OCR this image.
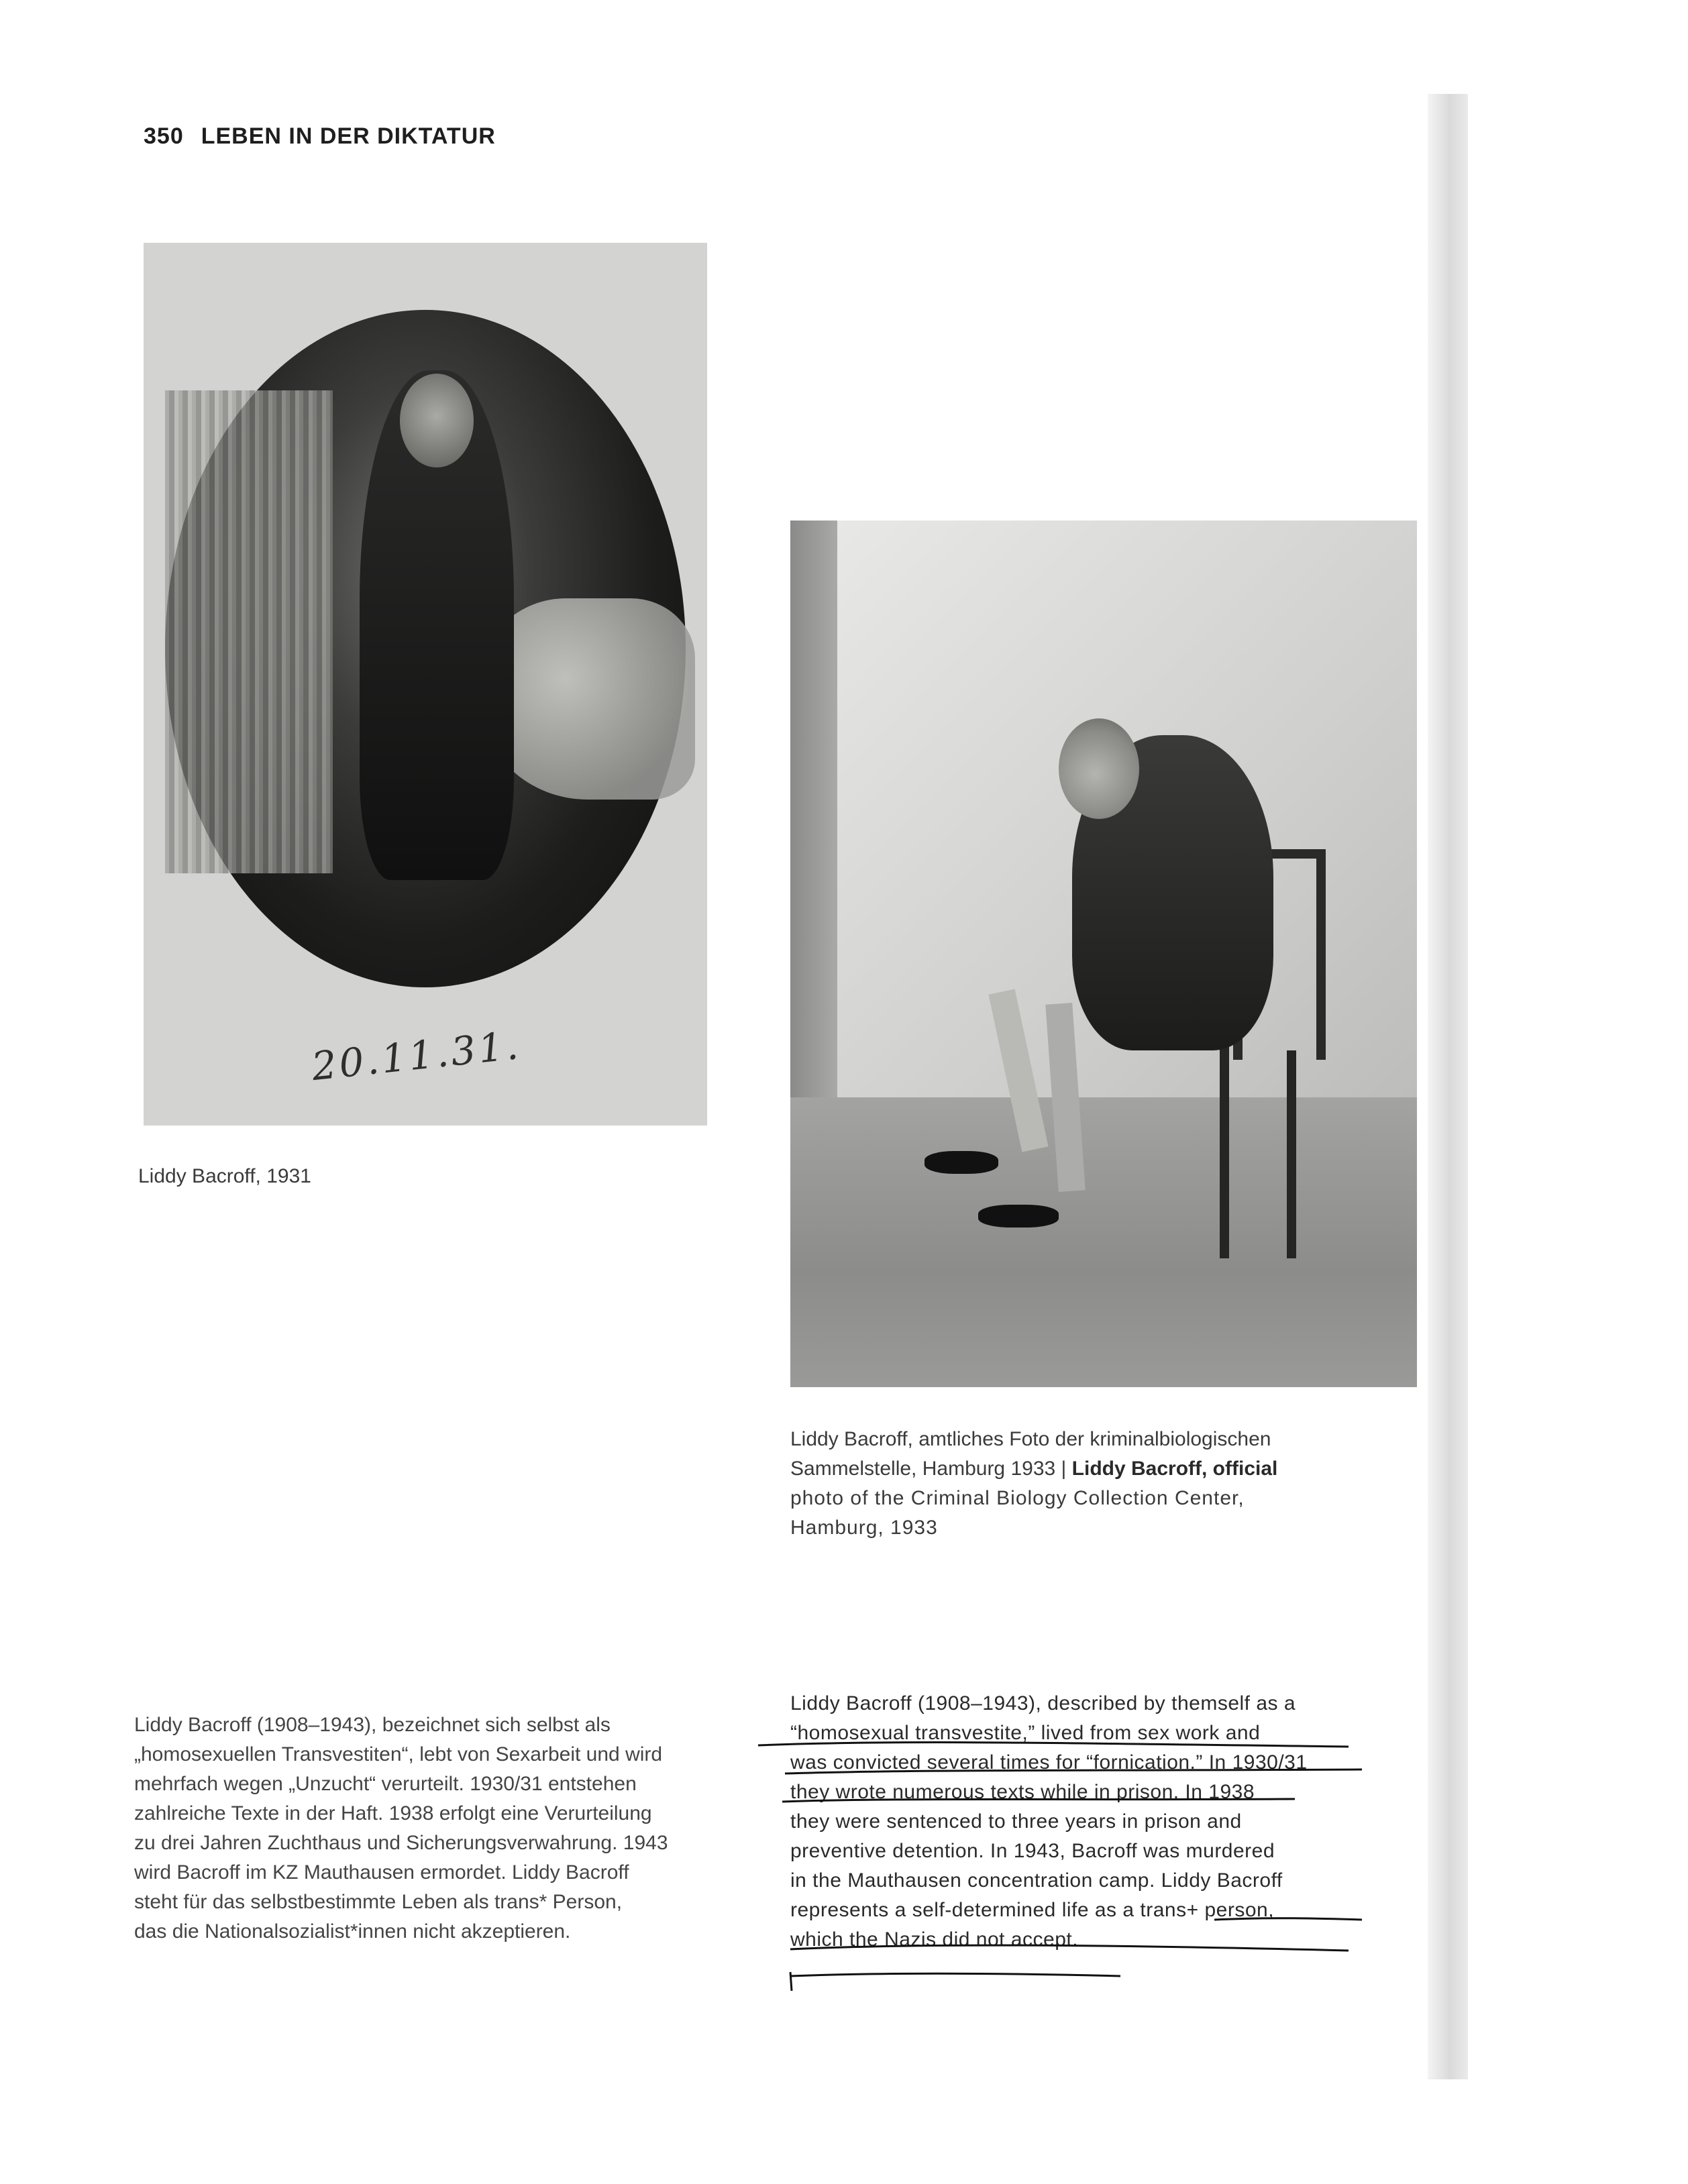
350 LEBEN IN DER DIKTATUR
20.11.31.
Liddy Bacroff, 1931
Liddy Bacroff, amtliches Foto der kriminalbiologischen
Sammelstelle, Hamburg 1933 | Liddy Bacroff, official
photo of the Criminal Biology Collection Center,
Hamburg, 1933

Liddy Bacroff (1908–1943), bezeichnet sich selbst als

„homosexuellen Transvestiten“, lebt von Sexarbeit und wird

mehrfach wegen „Unzucht“ verurteilt. 1930/31 entstehen

zahlreiche Texte in der Haft. 1938 erfolgt eine Verurteilung

zu drei Jahren Zuchthaus und Sicherungsverwahrung. 1943

wird Bacroff im KZ Mauthausen ermordet. Liddy Bacroff

steht für das selbstbestimmte Leben als trans* Person,

das die Nationalsozialist*innen nicht akzeptieren.

Liddy Bacroff (1908–1943), described by themself as a

“homosexual transvestite,” lived from sex work and

was convicted several times for “fornication.” In 1930/31

they wrote numerous texts while in prison. In 1938

they were sentenced to three years in prison and

preventive detention. In 1943, Bacroff was murdered

in the Mauthausen concentration camp. Liddy Bacroff

represents a self-determined life as a trans+ person,

which the Nazis did not accept.
